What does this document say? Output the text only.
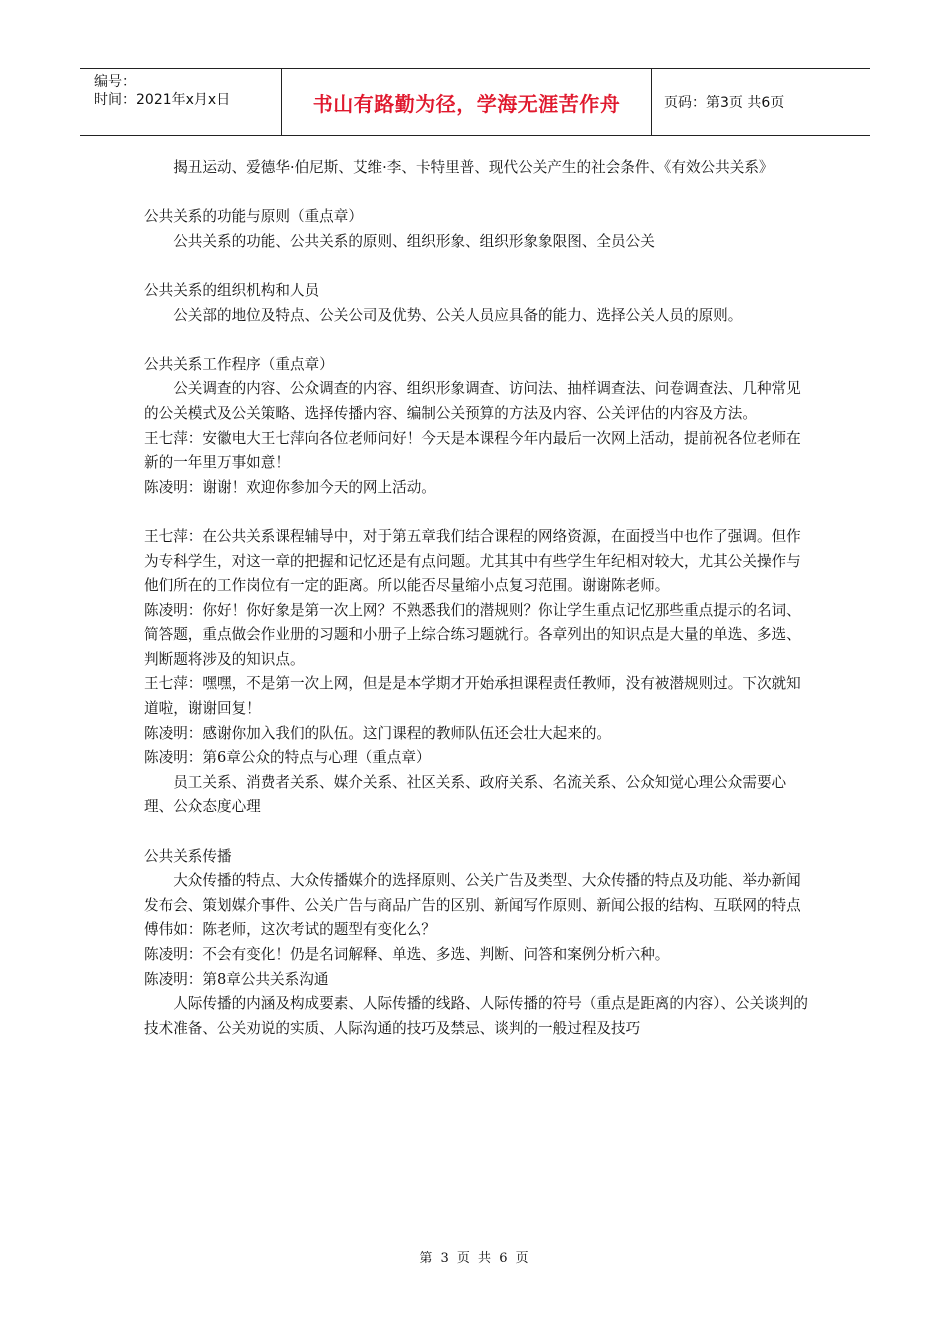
编号：
时间：2021年x月x日	书山有路勤为径，学海无涯苦作舟	页码：第3页 共6页

揭丑运动、爱德华·伯尼斯、艾维·李、卡特里普、现代公关产生的社会条件、《有效公共关系》

公共关系的功能与原则（重点章）

公共关系的功能、公共关系的原则、组织形象、组织形象象限图、全员公关

公共关系的组织机构和人员

公关部的地位及特点、公关公司及优势、公关人员应具备的能力、选择公关人员的原则。

公共关系工作程序（重点章）

公关调查的内容、公众调查的内容、组织形象调查、访问法、抽样调查法、问卷调查法、几种常见的公关模式及公关策略、选择传播内容、编制公关预算的方法及内容、公关评估的内容及方法。

王七萍：安徽电大王七萍向各位老师问好！今天是本课程今年内最后一次网上活动，提前祝各位老师在新的一年里万事如意！

陈凌明：谢谢！欢迎你参加今天的网上活动。

王七萍：在公共关系课程辅导中，对于第五章我们结合课程的网络资源，在面授当中也作了强调。但作为专科学生，对这一章的把握和记忆还是有点问题。尤其其中有些学生年纪相对较大，尤其公关操作与他们所在的工作岗位有一定的距离。所以能否尽量缩小点复习范围。谢谢陈老师。

陈凌明：你好！你好象是第一次上网？不熟悉我们的潜规则？你让学生重点记忆那些重点提示的名词、简答题，重点做会作业册的习题和小册子上综合练习题就行。各章列出的知识点是大量的单选、多选、判断题将涉及的知识点。

王七萍：嘿嘿，不是第一次上网，但是是本学期才开始承担课程责任教师，没有被潜规则过。下次就知道啦，谢谢回复！

陈凌明：感谢你加入我们的队伍。这门课程的教师队伍还会壮大起来的。

陈凌明：第6章公众的特点与心理（重点章）

员工关系、消费者关系、媒介关系、社区关系、政府关系、名流关系、公众知觉心理公众需要心理、公众态度心理

公共关系传播

大众传播的特点、大众传播媒介的选择原则、公关广告及类型、大众传播的特点及功能、举办新闻发布会、策划媒介事件、公关广告与商品广告的区别、新闻写作原则、新闻公报的结构、互联网的特点

傅伟如：陈老师，这次考试的题型有变化么？

陈凌明：不会有变化！仍是名词解释、单选、多选、判断、问答和案例分析六种。

陈凌明：第8章公共关系沟通

人际传播的内涵及构成要素、人际传播的线路、人际传播的符号（重点是距离的内容）、公关谈判的技术准备、公关劝说的实质、人际沟通的技巧及禁忌、谈判的一般过程及技巧

第 3 页 共 6 页
